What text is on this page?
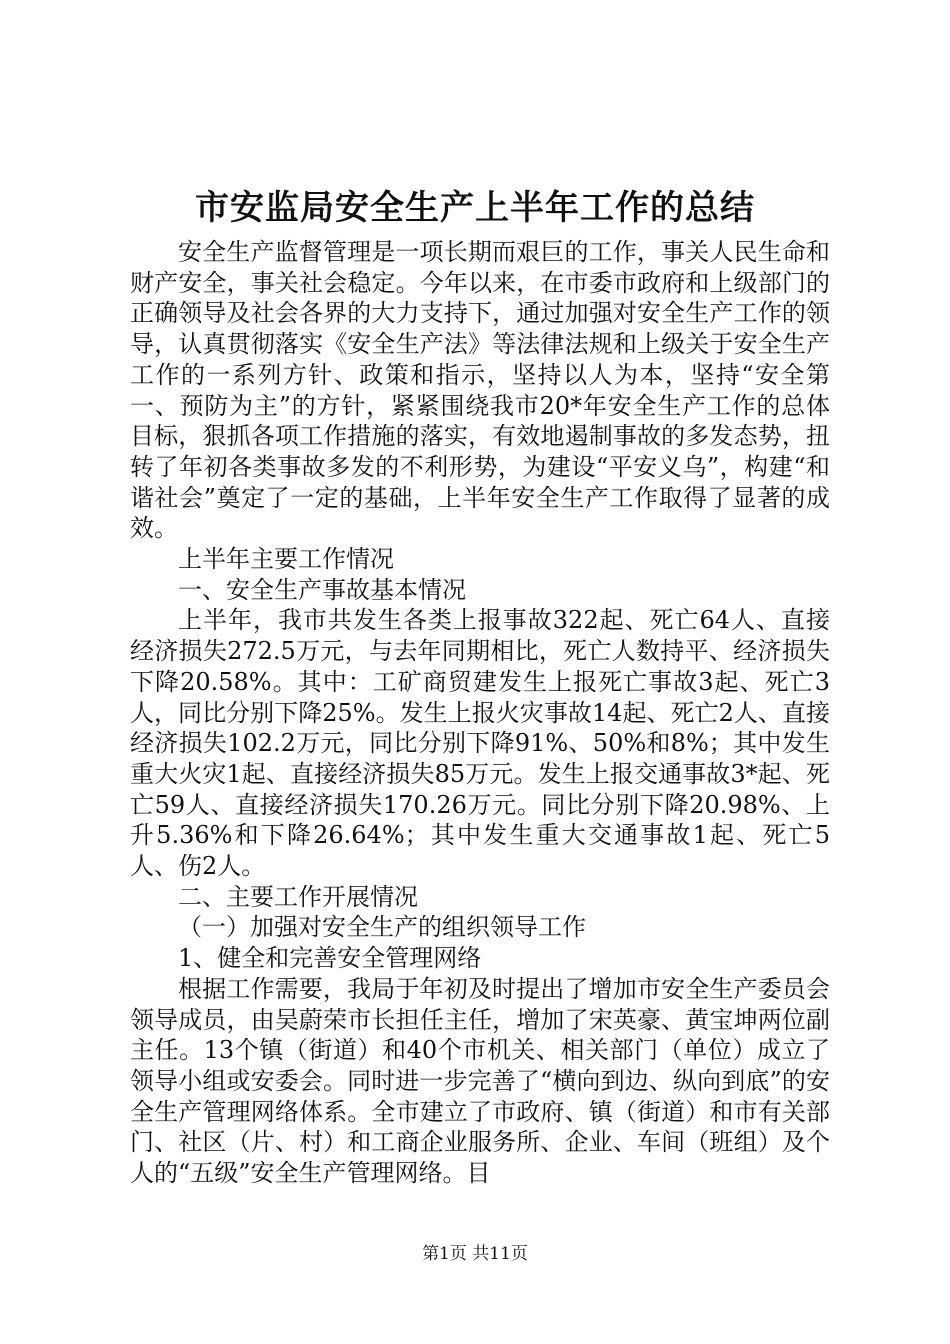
市安监局安全生产上半年工作的总结

安全生产监督管理是一项长期而艰巨的工作，事关人民生命和财产安全，事关社会稳定。今年以来，在市委市政府和上级部门的正确领导及社会各界的大力支持下，通过加强对安全生产工作的领导，认真贯彻落实《安全生产法》等法律法规和上级关于安全生产工作的一系列方针、政策和指示，坚持以人为本，坚持“安全第一、预防为主”的方针，紧紧围绕我市20*年安全生产工作的总体目标，狠抓各项工作措施的落实，有效地遏制事故的多发态势，扭转了年初各类事故多发的不利形势，为建设“平安义乌”，构建“和谐社会”奠定了一定的基础，上半年安全生产工作取得了显著的成效。

上半年主要工作情况

一、安全生产事故基本情况

上半年，我市共发生各类上报事故322起、死亡64人、直接经济损失272.5万元，与去年同期相比，死亡人数持平、经济损失下降20.58%。其中：工矿商贸建发生上报死亡事故3起、死亡3人，同比分别下降25%。发生上报火灾事故14起、死亡2人、直接经济损失102.2万元，同比分别下降91%、50%和8%；其中发生重大火灾1起、直接经济损失85万元。发生上报交通事故3*起、死亡59人、直接经济损失170.26万元。同比分别下降20.98%、上升5.36%和下降26.64%；其中发生重大交通事故1起、死亡5人、伤2人。

二、主要工作开展情况

（一）加强对安全生产的组织领导工作

1、健全和完善安全管理网络

根据工作需要，我局于年初及时提出了增加市安全生产委员会领导成员，由吴蔚荣市长担任主任，增加了宋英豪、黄宝坤两位副主任。13个镇（街道）和40个市机关、相关部门（单位）成立了领导小组或安委会。同时进一步完善了“横向到边、纵向到底”的安全生产管理网络体系。全市建立了市政府、镇（街道）和市有关部门、社区（片、村）和工商企业服务所、企业、车间（班组）及个人的“五级”安全生产管理网络。目

第1页 共11页
